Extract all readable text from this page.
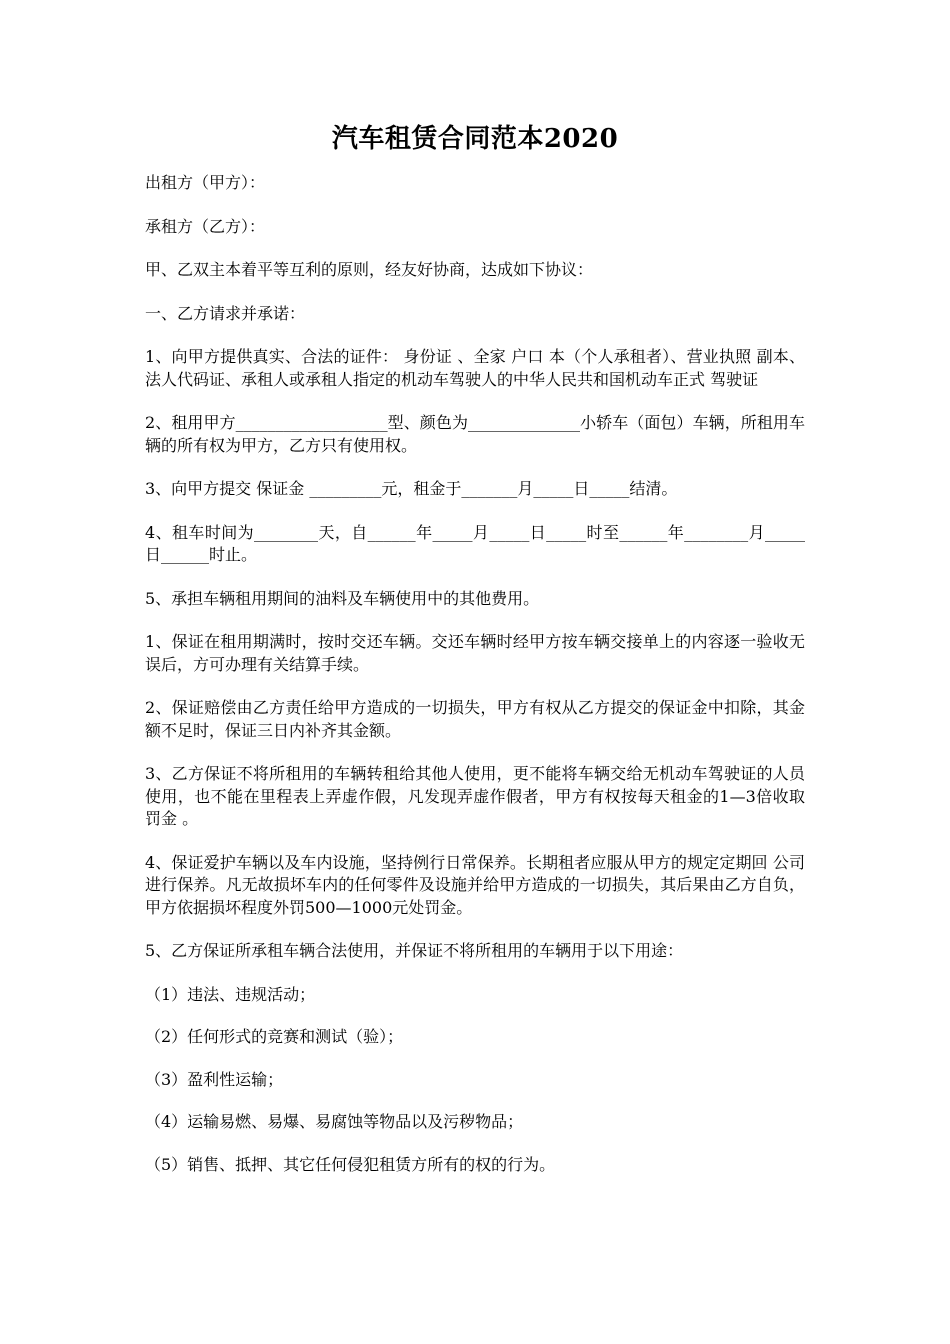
汽车租赁合同范本2020

出租方（甲方）：

承租方（乙方）：

甲、乙双主本着平等互利的原则，经友好协商，达成如下协议：

一、乙方请求并承诺：

1、向甲方提供真实、合法的证件： 身份证 、全家 户口 本（个人承租者）、营业执照 副本、法人代码证、承租人或承租人指定的机动车驾驶人的中华人民共和国机动车正式 驾驶证

2、租用甲方___________________型、颜色为______________小轿车（面包）车辆，所租用车辆的所有权为甲方，乙方只有使用权。

3、向甲方提交 保证金 _________元，租金于_______月_____日_____结清。

4、租车时间为________天，自______年_____月_____日_____时至______年________月_____日______时止。

5、承担车辆租用期间的油料及车辆使用中的其他费用。

1、保证在租用期满时，按时交还车辆。交还车辆时经甲方按车辆交接单上的内容逐一验收无误后，方可办理有关结算手续。

2、保证赔偿由乙方责任给甲方造成的一切损失，甲方有权从乙方提交的保证金中扣除，其金额不足时，保证三日内补齐其金额。

3、乙方保证不将所租用的车辆转租给其他人使用，更不能将车辆交给无机动车驾驶证的人员使用，也不能在里程表上弄虚作假，凡发现弄虚作假者，甲方有权按每天租金的1—3倍收取 罚金 。

4、保证爱护车辆以及车内设施，坚持例行日常保养。长期租者应服从甲方的规定定期回 公司 进行保养。凡无故损坏车内的任何零件及设施并给甲方造成的一切损失，其后果由乙方自负，甲方依据损坏程度外罚500—1000元处罚金。

5、乙方保证所承租车辆合法使用，并保证不将所租用的车辆用于以下用途：

（1）违法、违规活动；

（2）任何形式的竞赛和测试（验）；

（3）盈利性运输；

（4）运输易燃、易爆、易腐蚀等物品以及污秽物品；

（5）销售、抵押、其它任何侵犯租赁方所有的权的行为。
